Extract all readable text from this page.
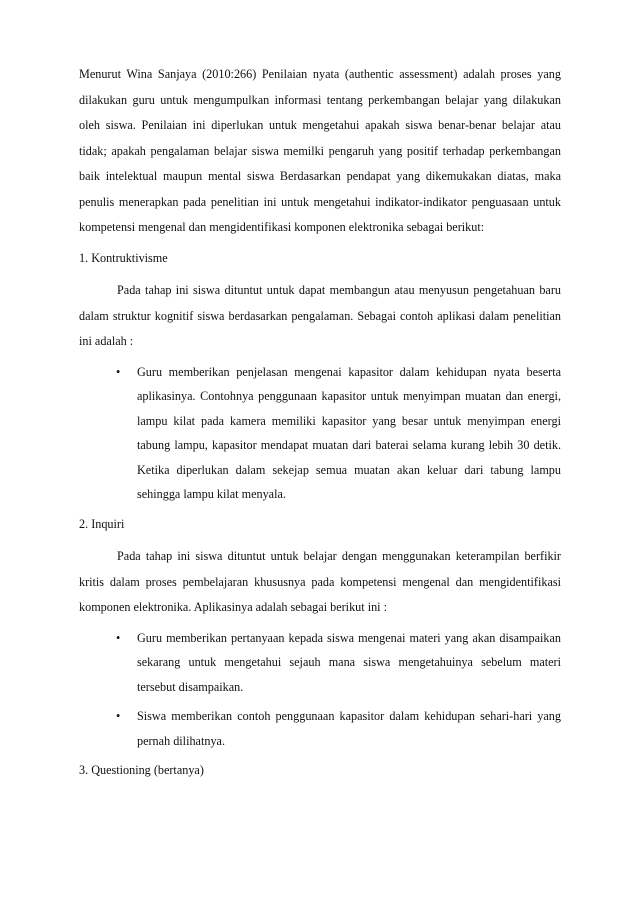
Menurut Wina Sanjaya (2010:266) Penilaian nyata (authentic assessment) adalah proses yang dilakukan guru untuk mengumpulkan informasi tentang perkembangan belajar yang dilakukan oleh siswa. Penilaian ini diperlukan untuk mengetahui apakah siswa benar-benar belajar atau tidak; apakah pengalaman belajar siswa memilki pengaruh yang positif terhadap perkembangan baik intelektual maupun mental siswa Berdasarkan pendapat yang dikemukakan diatas, maka penulis menerapkan pada penelitian ini untuk mengetahui indikator-indikator penguasaan untuk kompetensi mengenal dan mengidentifikasi komponen elektronika sebagai berikut:

1. Kontruktivisme

Pada tahap ini siswa dituntut untuk dapat membangun atau menyusun pengetahuan baru dalam struktur kognitif siswa berdasarkan pengalaman. Sebagai contoh aplikasi dalam penelitian ini adalah :

• Guru memberikan penjelasan mengenai kapasitor dalam kehidupan nyata beserta aplikasinya. Contohnya penggunaan kapasitor untuk menyimpan muatan dan energi, lampu kilat pada kamera memiliki kapasitor yang besar untuk menyimpan energi tabung lampu, kapasitor mendapat muatan dari baterai selama kurang lebih 30 detik. Ketika diperlukan dalam sekejap semua muatan akan keluar dari tabung lampu sehingga lampu kilat menyala.

2. Inquiri

Pada tahap ini siswa dituntut untuk belajar dengan menggunakan keterampilan berfikir kritis dalam proses pembelajaran khususnya pada kompetensi mengenal dan mengidentifikasi komponen elektronika. Aplikasinya adalah sebagai berikut ini :

• Guru memberikan pertanyaan kepada siswa mengenai materi yang akan disampaikan sekarang untuk mengetahui sejauh mana siswa mengetahuinya sebelum materi tersebut disampaikan.

• Siswa memberikan contoh penggunaan kapasitor dalam kehidupan sehari-hari yang pernah dilihatnya.

3. Questioning (bertanya)
